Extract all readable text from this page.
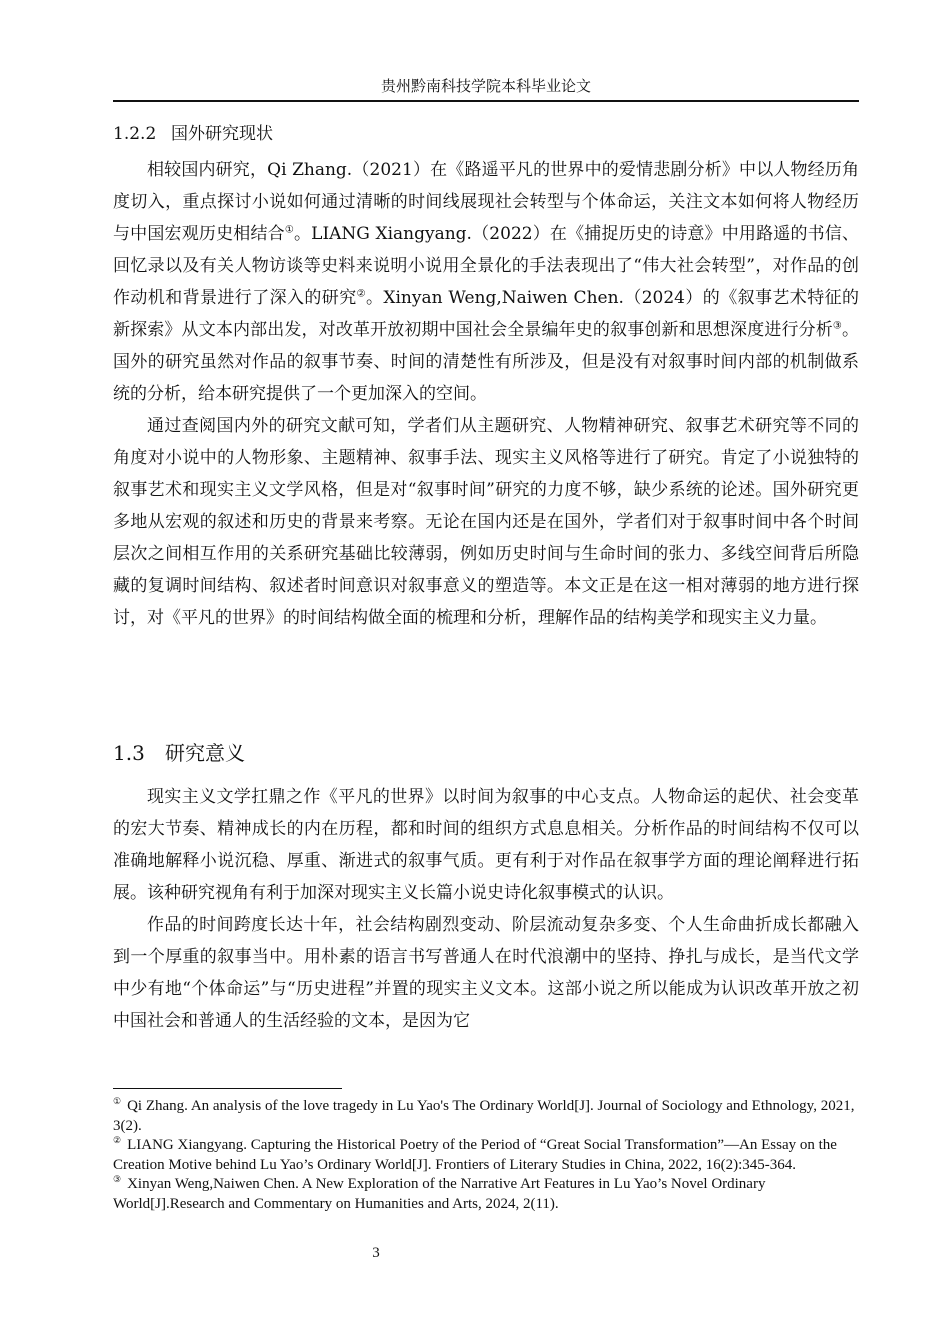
贵州黔南科技学院本科毕业论文
1.2.2 国外研究现状

相较国内研究，Qi Zhang.（2021）在《路遥平凡的世界中的爱情悲剧分析》中以人物经历角度切入，重点探讨小说如何通过清晰的时间线展现社会转型与个体命运，关注文本如何将人物经历与中国宏观历史相结合①。LIANG Xiangyang.（2022）在《捕捉历史的诗意》中用路遥的书信、回忆录以及有关人物访谈等史料来说明小说用全景化的手法表现出了“伟大社会转型”，对作品的创作动机和背景进行了深入的研究②。Xinyan Weng,Naiwen Chen.（2024）的《叙事艺术特征的新探索》从文本内部出发，对改革开放初期中国社会全景编年史的叙事创新和思想深度进行分析③。国外的研究虽然对作品的叙事节奏、时间的清楚性有所涉及，但是没有对叙事时间内部的机制做系统的分析，给本研究提供了一个更加深入的空间。

通过查阅国内外的研究文献可知，学者们从主题研究、人物精神研究、叙事艺术研究等不同的角度对小说中的人物形象、主题精神、叙事手法、现实主义风格等进行了研究。肯定了小说独特的叙事艺术和现实主义文学风格，但是对“叙事时间”研究的力度不够，缺少系统的论述。国外研究更多地从宏观的叙述和历史的背景来考察。无论在国内还是在国外，学者们对于叙事时间中各个时间层次之间相互作用的关系研究基础比较薄弱，例如历史时间与生命时间的张力、多线空间背后所隐藏的复调时间结构、叙述者时间意识对叙事意义的塑造等。本文正是在这一相对薄弱的地方进行探讨，对《平凡的世界》的时间结构做全面的梳理和分析，理解作品的结构美学和现实主义力量。

1.3 研究意义

现实主义文学扛鼎之作《平凡的世界》以时间为叙事的中心支点。人物命运的起伏、社会变革的宏大节奏、精神成长的内在历程，都和时间的组织方式息息相关。分析作品的时间结构不仅可以准确地解释小说沉稳、厚重、渐进式的叙事气质。更有利于对作品在叙事学方面的理论阐释进行拓展。该种研究视角有利于加深对现实主义长篇小说史诗化叙事模式的认识。

作品的时间跨度长达十年，社会结构剧烈变动、阶层流动复杂多变、个人生命曲折成长都融入到一个厚重的叙事当中。用朴素的语言书写普通人在时代浪潮中的坚持、挣扎与成长，是当代文学中少有地“个体命运”与“历史进程”并置的现实主义文本。这部小说之所以能成为认识改革开放之初中国社会和普通人的生活经验的文本，是因为它

① Qi Zhang. An analysis of the love tragedy in Lu Yao's The Ordinary World[J]. Journal of Sociology and Ethnology, 2021, 3(2).

② LIANG Xiangyang. Capturing the Historical Poetry of the Period of “Great Social Transformation”—An Essay on the Creation Motive behind Lu Yao’s Ordinary World[J]. Frontiers of Literary Studies in China, 2022, 16(2):345-364.

③ Xinyan Weng,Naiwen Chen. A New Exploration of the Narrative Art Features in Lu Yao’s Novel Ordinary World[J].Research and Commentary on Humanities and Arts, 2024, 2(11).

3
